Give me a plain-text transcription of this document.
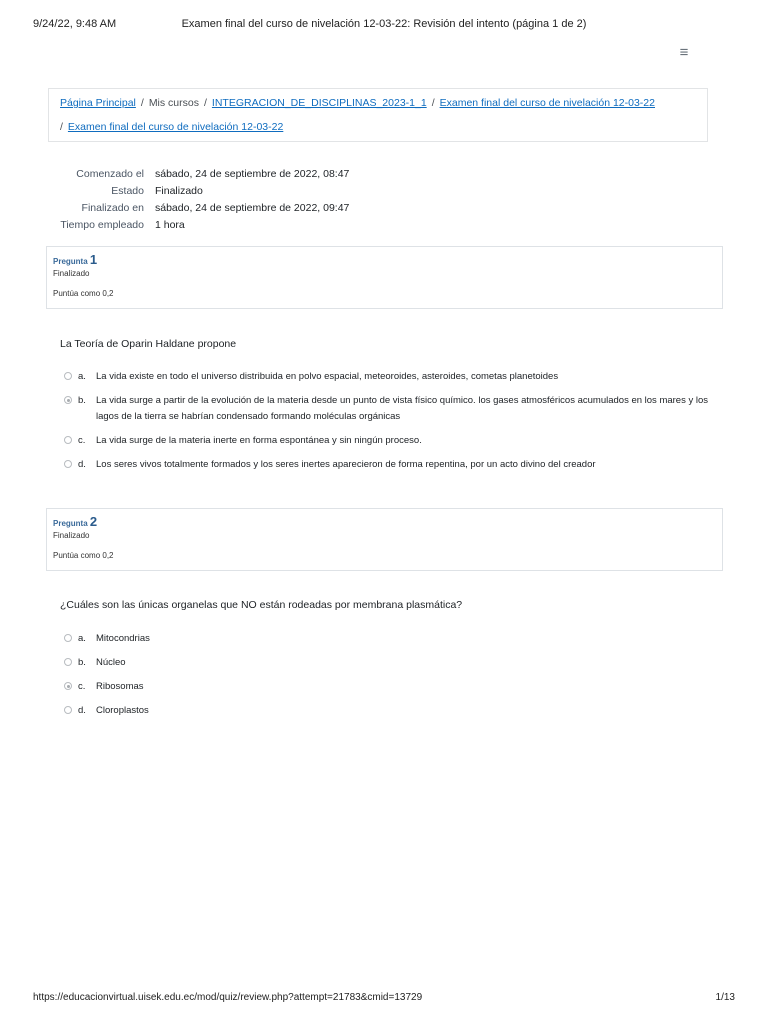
9/24/22, 9:48 AM	Examen final del curso de nivelación 12-03-22: Revisión del intento (página 1 de 2)
≡
Página Principal / Mis cursos / INTEGRACION_DE_DISCIPLINAS_2023-1_1 / Examen final del curso de nivelación 12-03-22
/ Examen final del curso de nivelación 12-03-22
Comenzado el sábado, 24 de septiembre de 2022, 08:47
Estado Finalizado
Finalizado en sábado, 24 de septiembre de 2022, 09:47
Tiempo empleado 1 hora
Pregunta 1
Finalizado
Puntúa como 0,2
La Teoría de Oparin Haldane propone
a. La vida existe en todo el universo distribuida en polvo espacial, meteoroides, asteroides, cometas planetoides
b. La vida surge a partir de la evolución de la materia desde un punto de vista físico químico. los gases atmosféricos acumulados en los mares y los lagos de la tierra se habrían condensado formando moléculas orgánicas
c. La vida surge de la materia inerte en forma espontánea y sin ningún proceso.
d. Los seres vivos totalmente formados y los seres inertes aparecieron de forma repentina, por un acto divino del creador
Pregunta 2
Finalizado
Puntúa como 0,2
¿Cuáles son las únicas organelas que NO están rodeadas por membrana plasmática?
a. Mitocondrias
b. Núcleo
c. Ribosomas
d. Cloroplastos
https://educacionvirtual.uisek.edu.ec/mod/quiz/review.php?attempt=21783&cmid=13729	1/13
